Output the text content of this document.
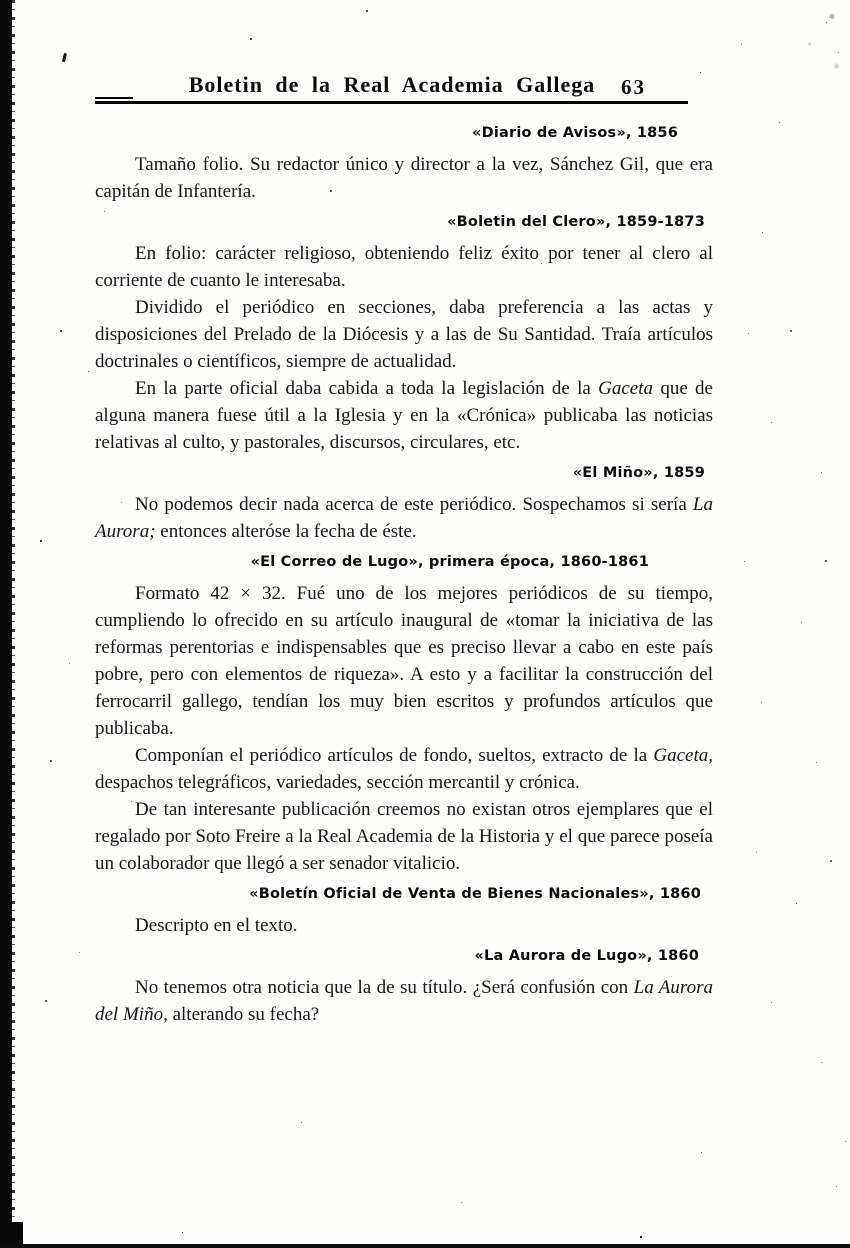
Boletin de la Real Academia Gallega	63
«Diario de Avisos», 1856

Tamaño folio. Su redactor único y director a la vez, Sánchez Gil, que era capitán de Infantería.

«Boletin del Clero», 1859-1873

En folio: carácter religioso, obteniendo feliz éxito por tener al clero al corriente de cuanto le interesaba.

Dividido el periódico en secciones, daba preferencia a las actas y disposiciones del Prelado de la Diócesis y a las de Su Santidad. Traía artículos doctrinales o científicos, siempre de actualidad.

En la parte oficial daba cabida a toda la legislación de la Gaceta que de alguna manera fuese útil a la Iglesia y en la «Crónica» publicaba las noticias relativas al culto, y pastorales, discursos, circulares, etc.

«El Miño», 1859

No podemos decir nada acerca de este periódico. Sospechamos si sería La Aurora; entonces alteróse la fecha de éste.

«El Correo de Lugo», primera época, 1860-1861

Formato 42 × 32. Fué uno de los mejores periódicos de su tiempo, cumpliendo lo ofrecido en su artículo inaugural de «tomar la iniciativa de las reformas perentorias e indispensables que es preciso llevar a cabo en este país pobre, pero con elementos de riqueza». A esto y a facilitar la construcción del ferrocarril gallego, tendían los muy bien escritos y profundos artículos que publicaba.

Componían el periódico artículos de fondo, sueltos, extracto de la Gaceta, despachos telegráficos, variedades, sección mercantil y crónica.

De tan interesante publicación creemos no existan otros ejemplares que el regalado por Soto Freire a la Real Academia de la Historia y el que parece poseía un colaborador que llegó a ser senador vitalicio.

«Boletín Oficial de Venta de Bienes Nacionales», 1860

Descripto en el texto.

«La Aurora de Lugo», 1860

No tenemos otra noticia que la de su título. ¿Será confusión con La Aurora del Miño, alterando su fecha?
